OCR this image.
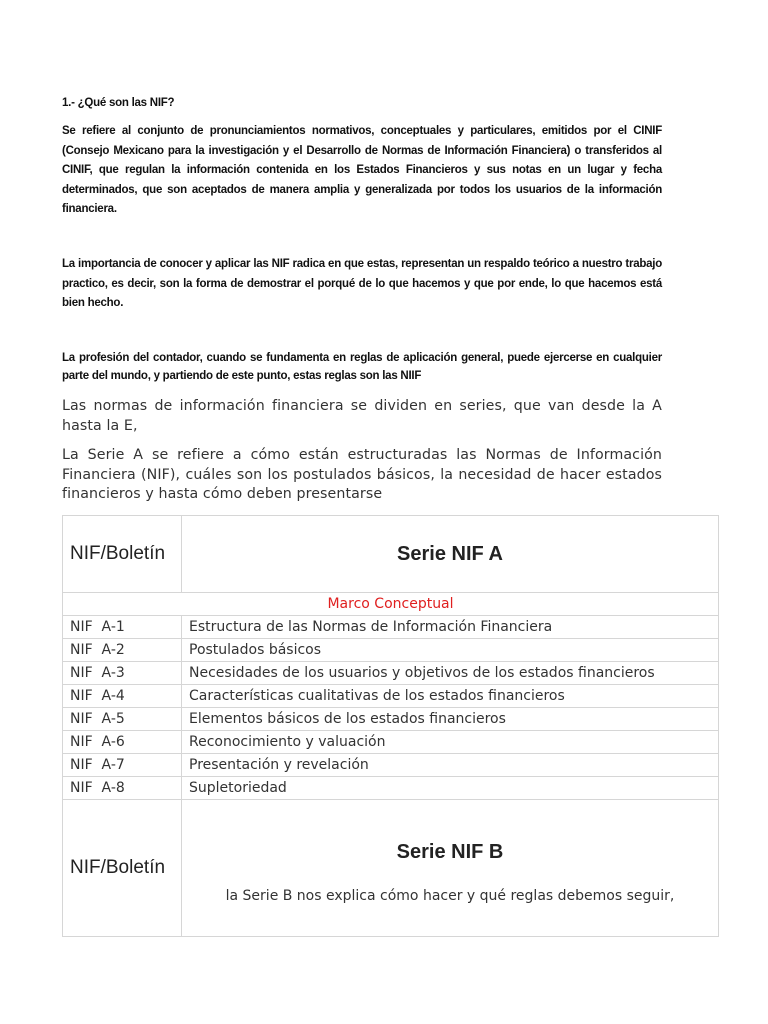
1.- ¿Qué son las NIF?
Se refiere al conjunto de pronunciamientos normativos, conceptuales y particulares, emitidos por el CINIF (Consejo Mexicano para la investigación y el Desarrollo de Normas de Información Financiera) o transferidos al CINIF, que regulan la información contenida en los Estados Financieros y sus notas en un lugar y fecha determinados, que son aceptados de manera amplia y generalizada por todos los usuarios de la información financiera.
La importancia de conocer y aplicar las NIF radica en que estas, representan un respaldo teórico a nuestro trabajo practico, es decir, son la forma de demostrar el porqué de lo que hacemos y que por ende, lo que hacemos está bien hecho.
La profesión del contador, cuando se fundamenta en reglas de aplicación general, puede ejercerse en cualquier parte del mundo, y partiendo de este punto, estas reglas son las NIIF
Las normas de información financiera se dividen en series, que van desde la A hasta la E,
La Serie A se refiere a cómo están estructuradas las Normas de Información Financiera (NIF), cuáles son los postulados básicos, la necesidad de hacer estados financieros y hasta cómo deben presentarse
NIF/Boletín	Serie NIF A
Marco Conceptual	
NIF  A-1	Estructura de las Normas de Información Financiera
NIF  A-2	Postulados básicos
NIF  A-3	Necesidades de los usuarios y objetivos de los estados financieros
NIF  A-4	Características cualitativas de los estados financieros
NIF  A-5	Elementos básicos de los estados financieros
NIF  A-6	Reconocimiento y valuación
NIF  A-7	Presentación y revelación
NIF  A-8	Supletoriedad
NIF/Boletín	Serie NIF B
la Serie B nos explica cómo hacer y qué reglas debemos seguir,
